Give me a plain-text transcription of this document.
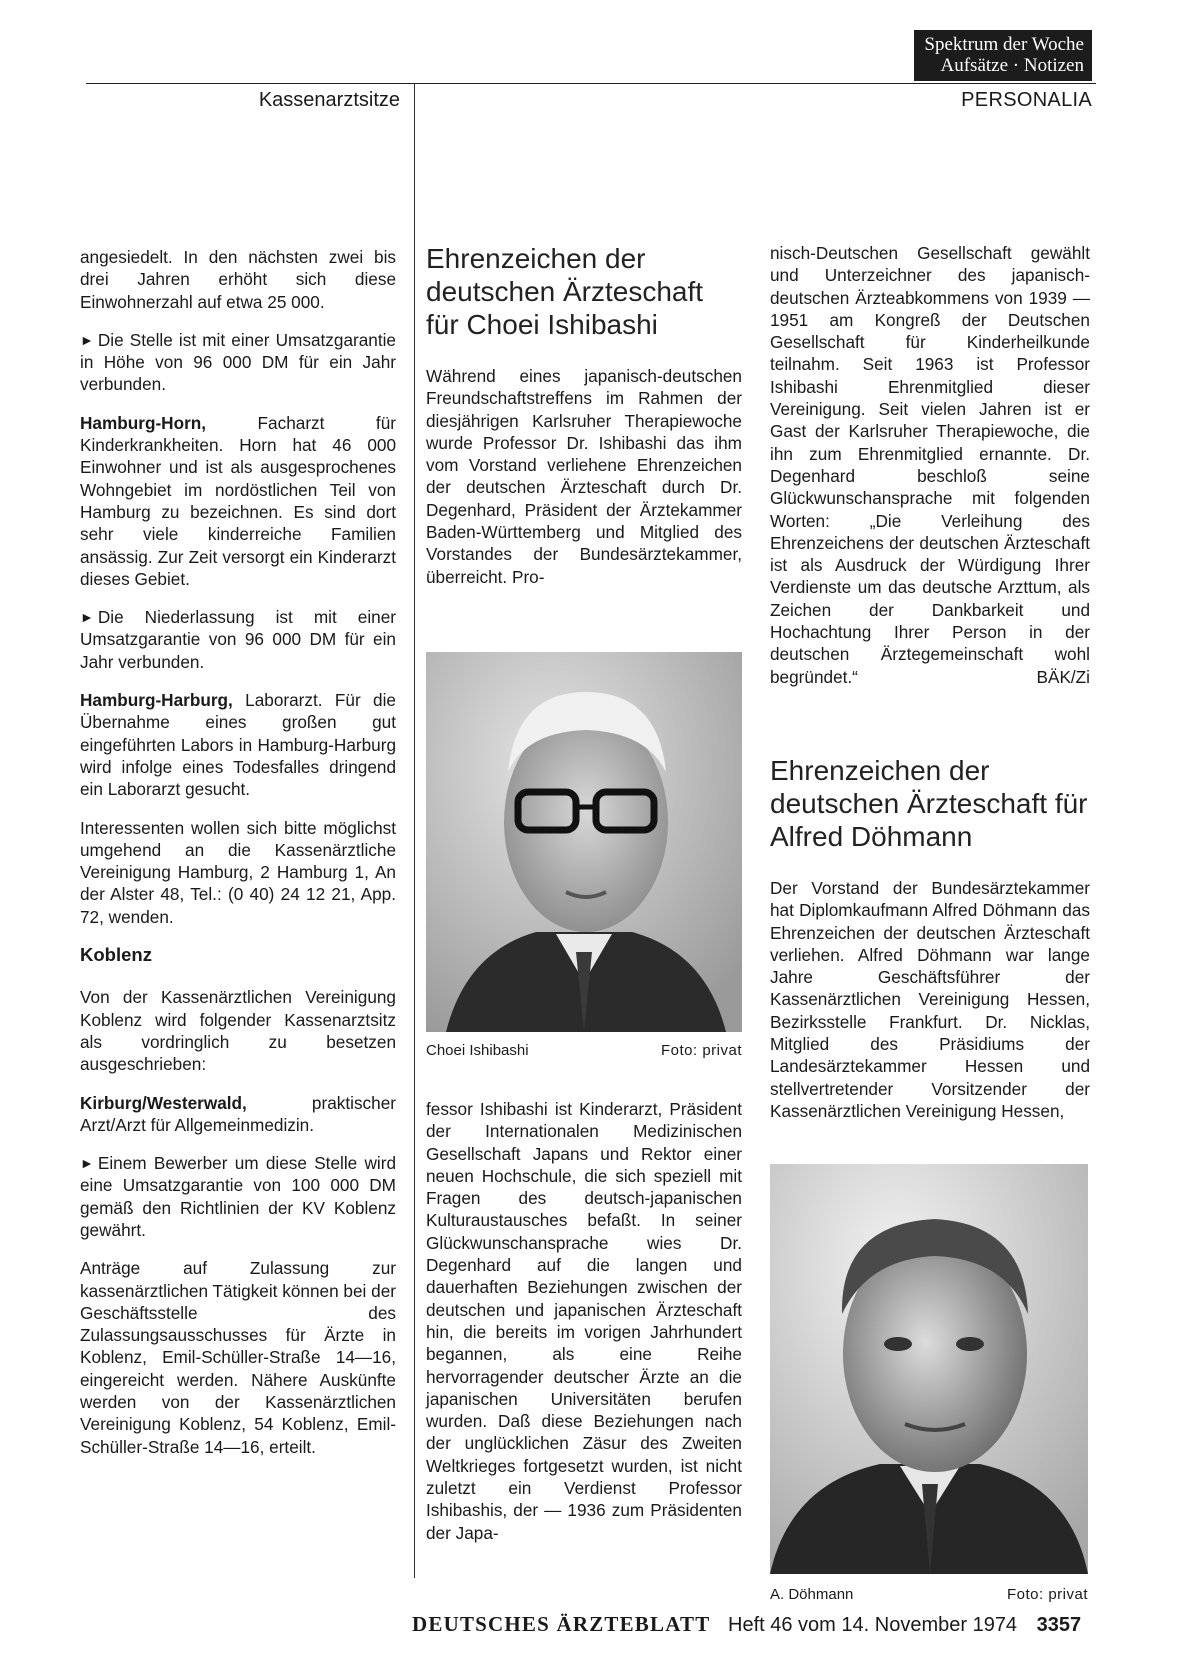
Spektrum der Woche
Aufsätze · Notizen
Kassenarztsitze	PERSONALIA

angesiedelt. In den nächsten zwei bis drei Jahren erhöht sich diese Einwohnerzahl auf etwa 25 000.

► Die Stelle ist mit einer Umsatzgarantie in Höhe von 96 000 DM für ein Jahr verbunden.

Hamburg-Horn, Facharzt für Kinderkrankheiten. Horn hat 46 000 Einwohner und ist als ausgesprochenes Wohngebiet im nordöstlichen Teil von Hamburg zu bezeichnen. Es sind dort sehr viele kinderreiche Familien ansässig. Zur Zeit versorgt ein Kinderarzt dieses Gebiet.

► Die Niederlassung ist mit einer Umsatzgarantie von 96 000 DM für ein Jahr verbunden.

Hamburg-Harburg, Laborarzt. Für die Übernahme eines großen gut eingeführten Labors in Hamburg-Harburg wird infolge eines Todesfalles dringend ein Laborarzt gesucht.

Interessenten wollen sich bitte möglichst umgehend an die Kassenärztliche Vereinigung Hamburg, 2 Hamburg 1, An der Alster 48, Tel.: (0 40) 24 12 21, App. 72, wenden.

Koblenz

Von der Kassenärztlichen Vereinigung Koblenz wird folgender Kassenarztsitz als vordringlich zu besetzen ausgeschrieben:

Kirburg/Westerwald, praktischer Arzt/Arzt für Allgemeinmedizin.

► Einem Bewerber um diese Stelle wird eine Umsatzgarantie von 100 000 DM gemäß den Richtlinien der KV Koblenz gewährt.

Anträge auf Zulassung zur kassenärztlichen Tätigkeit können bei der Geschäftsstelle des Zulassungsausschusses für Ärzte in Koblenz, Emil-Schüller-Straße 14—16, eingereicht werden. Nähere Auskünfte werden von der Kassenärztlichen Vereinigung Koblenz, 54 Koblenz, Emil-Schüller-Straße 14—16, erteilt.

Ehrenzeichen der deutschen Ärzteschaft für Choei Ishibashi

Während eines japanisch-deutschen Freundschaftstreffens im Rahmen der diesjährigen Karlsruher Therapiewoche wurde Professor Dr. Ishibashi das ihm vom Vorstand verliehene Ehrenzeichen der deutschen Ärzteschaft durch Dr. Degenhard, Präsident der Ärztekammer Baden-Württemberg und Mitglied des Vorstandes der Bundesärztekammer, überreicht. Pro-

Choei Ishibashi	Foto: privat

fessor Ishibashi ist Kinderarzt, Präsident der Internationalen Medizinischen Gesellschaft Japans und Rektor einer neuen Hochschule, die sich speziell mit Fragen des deutsch-japanischen Kulturaustausches befaßt. In seiner Glückwunschansprache wies Dr. Degenhard auf die langen und dauerhaften Beziehungen zwischen der deutschen und japanischen Ärzteschaft hin, die bereits im vorigen Jahrhundert begannen, als eine Reihe hervorragender deutscher Ärzte an die japanischen Universitäten berufen wurden. Daß diese Beziehungen nach der unglücklichen Zäsur des Zweiten Weltkrieges fortgesetzt wurden, ist nicht zuletzt ein Verdienst Professor Ishibashis, der — 1936 zum Präsidenten der Japa-

nisch-Deutschen Gesellschaft gewählt und Unterzeichner des japanisch-deutschen Ärzteabkommens von 1939 — 1951 am Kongreß der Deutschen Gesellschaft für Kinderheilkunde teilnahm. Seit 1963 ist Professor Ishibashi Ehrenmitglied dieser Vereinigung. Seit vielen Jahren ist er Gast der Karlsruher Therapiewoche, die ihn zum Ehrenmitglied ernannte. Dr. Degenhard beschloß seine Glückwunschansprache mit folgenden Worten: „Die Verleihung des Ehrenzeichens der deutschen Ärzteschaft ist als Ausdruck der Würdigung Ihrer Verdienste um das deutsche Arzttum, als Zeichen der Dankbarkeit und Hochachtung Ihrer Person in der deutschen Ärztegemeinschaft wohl begründet.“	BÄK/Zi

Ehrenzeichen der deutschen Ärzteschaft für Alfred Döhmann

Der Vorstand der Bundesärztekammer hat Diplomkaufmann Alfred Döhmann das Ehrenzeichen der deutschen Ärzteschaft verliehen. Alfred Döhmann war lange Jahre Geschäftsführer der Kassenärztlichen Vereinigung Hessen, Bezirksstelle Frankfurt. Dr. Nicklas, Mitglied des Präsidiums der Landesärztekammer Hessen und stellvertretender Vorsitzender der Kassenärztlichen Vereinigung Hessen,

A. Döhmann	Foto: privat
DEUTSCHES ÄRZTEBLATT Heft 46 vom 14. November 1974 3357
